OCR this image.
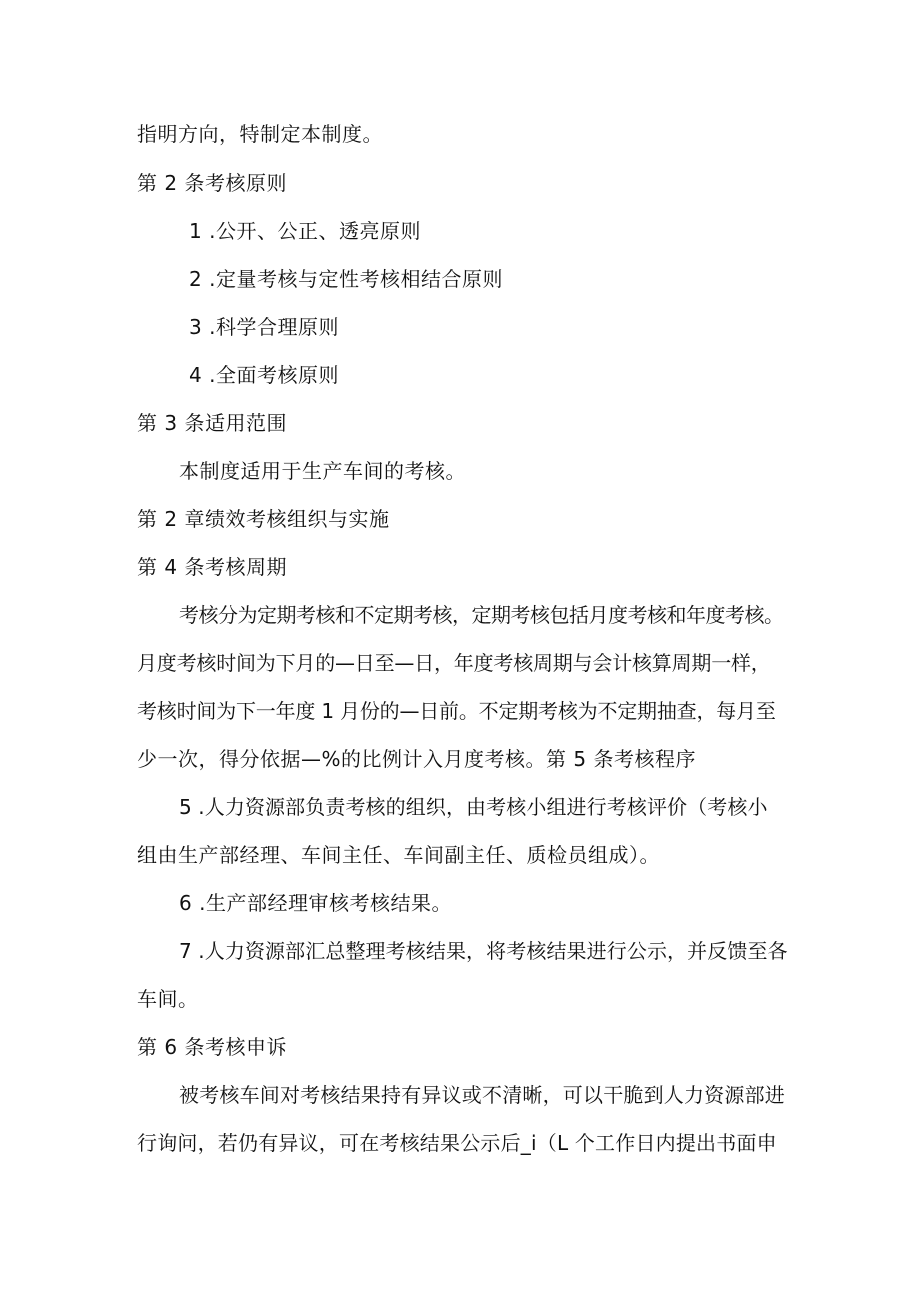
指明方向，特制定本制度。
第 2 条考核原则
1 .公开、公正、透亮原则
2 .定量考核与定性考核相结合原则
3 .科学合理原则
4 .全面考核原则
第 3 条适用范围
本制度适用于生产车间的考核。
第 2 章绩效考核组织与实施
第 4 条考核周期
考核分为定期考核和不定期考核，定期考核包括月度考核和年度考核。
月度考核时间为下月的—日至—日，年度考核周期与会计核算周期一样，
考核时间为下一年度 1 月份的—日前。不定期考核为不定期抽查，每月至
少一次，得分依据—%的比例计入月度考核。第 5 条考核程序
5 .人力资源部负责考核的组织，由考核小组进行考核评价（考核小
组由生产部经理、车间主任、车间副主任、质检员组成）。
6 .生产部经理审核考核结果。
7 .人力资源部汇总整理考核结果，将考核结果进行公示，并反馈至各
车间。
第 6 条考核申诉
被考核车间对考核结果持有异议或不清晰，可以干脆到人力资源部进
行询问，若仍有异议，可在考核结果公示后_i（L 个工作日内提出书面申
